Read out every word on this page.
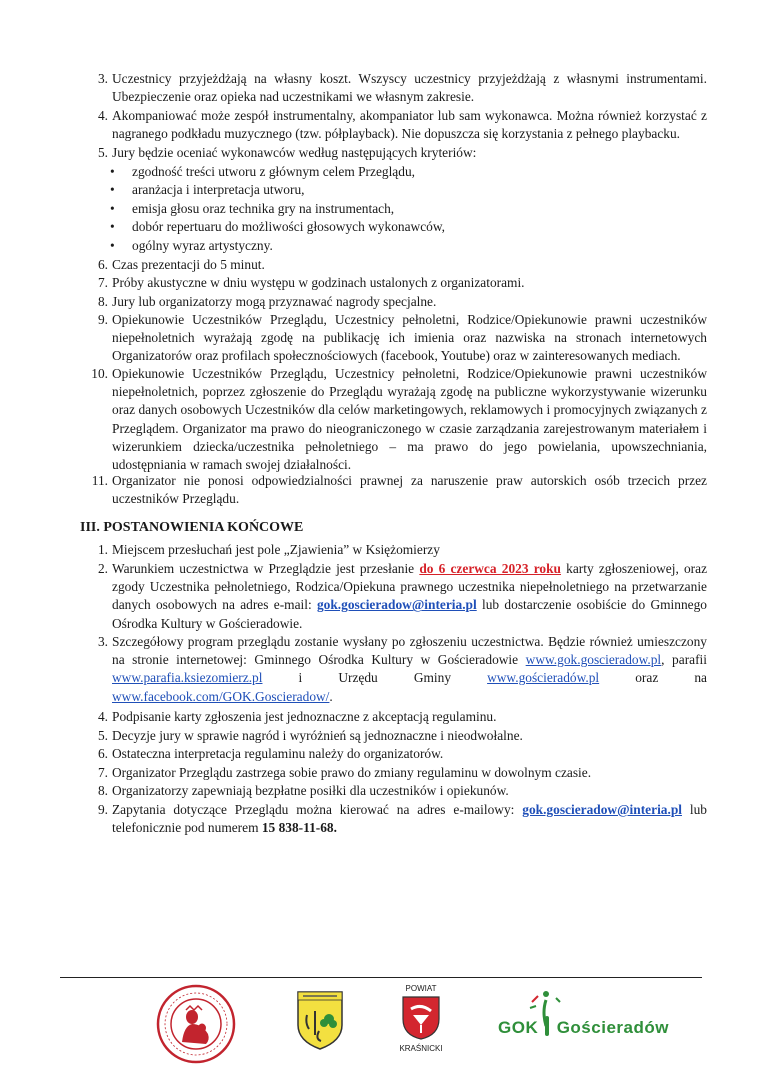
3. Uczestnicy przyjeżdżają na własny koszt. Wszyscy uczestnicy przyjeżdżają z własnymi instrumentami. Ubezpieczenie oraz opieka nad uczestnikami we własnym zakresie.
4. Akompaniować może zespół instrumentalny, akompaniator lub sam wykonawca. Można również korzystać z nagranego podkładu muzycznego (tzw. półplayback). Nie dopuszcza się korzystania z pełnego playbacku.
5. Jury będzie oceniać wykonawców według następujących kryteriów:
• zgodność treści utworu z głównym celem Przeglądu,
• aranżacja i interpretacja utworu,
• emisja głosu oraz technika gry na instrumentach,
• dobór repertuaru do możliwości głosowych wykonawców,
• ogólny wyraz artystyczny.
6. Czas prezentacji do 5 minut.
7. Próby akustyczne w dniu występu w godzinach ustalonych z organizatorami.
8. Jury lub organizatorzy mogą przyznawać nagrody specjalne.
9. Opiekunowie Uczestników Przeglądu, Uczestnicy pełnoletni, Rodzice/Opiekunowie prawni uczestników niepełnoletnich wyrażają zgodę na publikację ich imienia oraz nazwiska na stronach internetowych Organizatorów oraz profilach społecznościowych (facebook, Youtube) oraz w zainteresowanych mediach.
10. Opiekunowie Uczestników Przeglądu, Uczestnicy pełnoletni, Rodzice/Opiekunowie prawni uczestników niepełnoletnich, poprzez zgłoszenie do Przeglądu wyrażają zgodę na publiczne wykorzystywanie wizerunku oraz danych osobowych Uczestników dla celów marketingowych, reklamowych i promocyjnych związanych z Przeglądem. Organizator ma prawo do nieograniczonego w czasie zarządzania zarejestrowanym materiałem i wizerunkiem dziecka/uczestnika pełnoletniego – ma prawo do jego powielania, upowszechniania, udostępniania w ramach swojej działalności.
11. Organizator nie ponosi odpowiedzialności prawnej za naruszenie praw autorskich osób trzecich przez uczestników Przeglądu.
III. POSTANOWIENIA KOŃCOWE
1. Miejscem przesłuchań jest pole „Zjawienia” w Księżomierzy
2. Warunkiem uczestnictwa w Przeglądzie jest przesłanie do 6 czerwca 2023 roku karty zgłoszeniowej, oraz zgody Uczestnika pełnoletniego, Rodzica/Opiekuna prawnego uczestnika niepełnoletniego na przetwarzanie danych osobowych na adres e-mail: gok.goscieradow@interia.pl lub dostarczenie osobiście do Gminnego Ośrodka Kultury w Gościeradowie.
3. Szczegółowy program przeglądu zostanie wysłany po zgłoszeniu uczestnictwa. Będzie również umieszczony na stronie internetowej: Gminnego Ośrodka Kultury w Gościeradowie www.gok.goscieradow.pl, parafii www.parafia.ksiezomierz.pl i Urzędu Gminy www.gościeradów.pl oraz na www.facebook.com/GOK.Goscieradow/.
4. Podpisanie karty zgłoszenia jest jednoznaczne z akceptacją regulaminu.
5. Decyzje jury w sprawie nagród i wyróżnień są jednoznaczne i nieodwołalne.
6. Ostateczna interpretacja regulaminu należy do organizatorów.
7. Organizator Przeglądu zastrzega sobie prawo do zmiany regulaminu w dowolnym czasie.
8. Organizatorzy zapewniają bezpłatne posiłki dla uczestników i opiekunów.
9. Zapytania dotyczące Przeglądu można kierować na adres e-mailowy: gok.goscieradow@interia.pl lub telefonicznie pod numerem 15 838-11-68.
POWIAT
KRAŚNICKI
GOK Gościeradów
